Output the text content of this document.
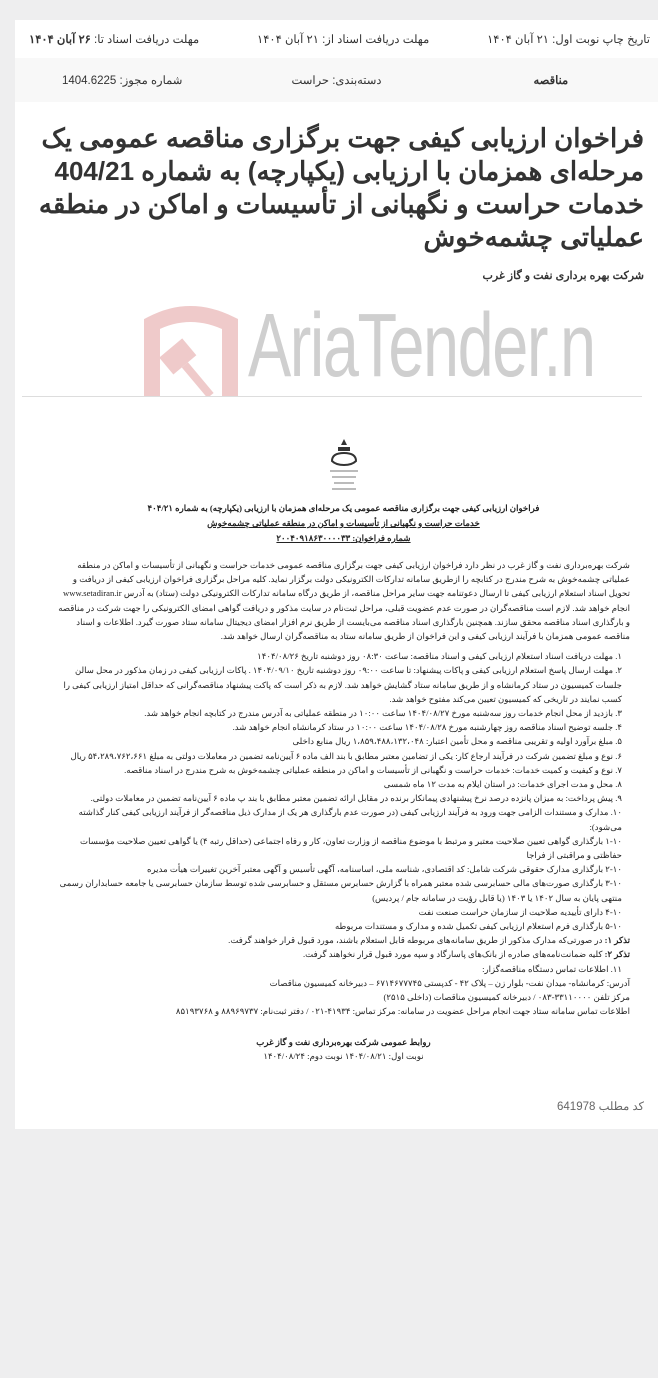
تاریخ چاپ نوبت اول: ۲۱ آبان ۱۴۰۴
مهلت دریافت اسناد از: ۲۱ آبان ۱۴۰۴
مهلت دریافت اسناد تا: ۲۶ آبان ۱۴۰۴
مناقصه
دسته‌بندی: حراست
شماره مجوز: 1404.6225
فراخوان ارزیابی کیفی جهت برگزاری مناقصه عمومی یک مرحله‌ای همزمان با ارزیابی (یکپارچه) به شماره 404/21 خدمات حراست و نگهبانی از تأسیسات و اماکن در منطقه عملیاتی چشمه‌خوش
شرکت بهره برداری نفت و گاز غرب
AriaTender.n
فراخوان ارزیابی کیفی جهت برگزاری مناقصه عمومی یک مرحله‌ای همزمان با ارزیابی (یکپارچه) به شماره ۴۰۴/۲۱
خدمات حراست و نگهبانی از تأسیسات و اماکن در منطقه عملیاتی چشمه‌خوش
شماره فراخوان: ۲۰۰۴۰۹۱۸۶۳۰۰۰۰۳۳

شرکت بهره‌برداری نفت و گاز غرب در نظر دارد فراخوان ارزیابی کیفی جهت برگزاری مناقصه عمومی خدمات حراست و نگهبانی از تأسیسات و اماکن در منطقه عملیاتی چشمه‌خوش به شرح مندرج در کتابچه را ازطریق سامانه تدارکات الکترونیکی دولت برگزار نماید. کلیه مراحل برگزاری فراخوان ارزیابی کیفی از دریافت و تحویل اسناد استعلام ارزیابی کیفی تا ارسال دعوتنامه جهت سایر مراحل مناقصه، از طریق درگاه سامانه تدارکات الکترونیکی دولت (ستاد) به آدرس www.setadiran.ir انجام خواهد شد. لازم است مناقصه‌گران در صورت عدم عضویت قبلی، مراحل ثبت‌نام در سایت مذکور و دریافت گواهی امضای الکترونیکی را جهت شرکت در مناقصه و بارگذاری اسناد مناقصه محقق سازند. همچنین بارگذاری اسناد مناقصه می‌بایست از طریق نرم افزار امضای دیجیتال سامانه ستاد صورت گیرد. اطلاعات و اسناد مناقصه عمومی همزمان با فرآیند ارزیابی کیفی و این فراخوان از طریق سامانه ستاد به مناقصه‌گران ارسال خواهد شد.

۱. مهلت دریافت اسناد استعلام ارزیابی کیفی و اسناد مناقصه: ساعت ۰۸:۳۰ روز دوشنبه تاریخ ۱۴۰۴/۰۸/۲۶
۲. مهلت ارسال پاسخ استعلام ارزیابی کیفی و پاکات پیشنهاد: تا ساعت ۰۹:۰۰ روز دوشنبه تاریخ ۱۴۰۴/۰۹/۱۰ . پاکات ارزیابی کیفی در زمان مذکور در محل سالن جلسات کمیسیون در ستاد کرمانشاه و از طریق سامانه ستاد گشایش خواهد شد. لازم به ذکر است که پاکت پیشنهاد مناقصه‌گرانی که حداقل امتیاز ارزیابی کیفی را کسب نمایند در تاریخی که کمیسیون تعیین می‌کند مفتوح خواهد شد.
۳. بازدید از محل انجام خدمات روز سه‌شنبه مورخ ۱۴۰۴/۰۸/۲۷ ساعت ۱۰:۰۰ در منطقه عملیاتی به آدرس مندرج در کتابچه انجام خواهد شد.
۴. جلسه توضیح اسناد مناقصه روز چهارشنبه مورخ ۱۴۰۴/۰۸/۲۸ ساعت ۱۰:۰۰ در ستاد کرمانشاه انجام خواهد شد.
۵. مبلغ برآورد اولیه و تقریبی مناقصه و محل تأمین اعتبار: ۱،۸۵۹،۴۸۸،۱۳۲،۰۴۸ ریال منابع داخلی
۶. نوع و مبلغ تضمین شرکت در فرآیند ارجاع کار: یکی از تضامین معتبر مطابق با بند الف ماده ۶ آیین‌نامه تضمین در معاملات دولتی به مبلغ ۵۴،۲۸۹،۷۶۲،۶۶۱ ریال
۷. نوع و کیفیت و کمیت خدمات: خدمات حراست و نگهبانی از تأسیسات و اماکن در منطقه عملیاتی چشمه‌خوش به شرح مندرج در اسناد مناقصه.
۸. محل و مدت اجرای خدمات: در استان ایلام به مدت ۱۲ ماه شمسی
۹. پیش پرداخت: به میزان پانزده درصد نرخ پیشنهادی پیمانکار برنده در مقابل ارائه تضمین معتبر مطابق با بند پ ماده ۶ آیین‌نامه تضمین در معاملات دولتی.
۱۰. مدارک و مستندات الزامی جهت ورود به فرآیند ارزیابی کیفی (در صورت عدم بارگذاری هر یک از مدارک ذیل مناقصه‌گر از فرآیند ارزیابی کیفی کنار گذاشته می‌شود):
۱-۱۰ بارگذاری گواهی تعیین صلاحیت معتبر و مرتبط با موضوع مناقصه از وزارت تعاون، کار و رفاه اجتماعی (حداقل رتبه ۴) یا گواهی تعیین صلاحیت مؤسسات حفاظتی و مراقبتی از فراجا
۲-۱۰ بارگذاری مدارک حقوقی شرکت شامل: کد اقتصادی، شناسه ملی، اساسنامه، آگهی تأسیس و آگهی معتبر آخرین تغییرات هیأت مدیره
۳-۱۰ بارگذاری صورت‌های مالی حسابرسی شده معتبر همراه با گزارش حسابرس مستقل و حسابرسی شده توسط سازمان حسابرسی یا جامعه حسابداران رسمی منتهی پایان به سال ۱۴۰۲ یا ۱۴۰۳ (یا قابل رؤیت در سامانه جام / پردیس)
۴-۱۰ دارای تأییدیه صلاحیت از سازمان حراست صنعت نفت
۵-۱۰ بارگذاری فرم استعلام ارزیابی کیفی تکمیل شده و مدارک و مستندات مربوطه
تذکر ۱: در صورتی‌که مدارک مذکور از طریق سامانه‌های مربوطه قابل استعلام باشند، مورد قبول قرار خواهند گرفت.
تذکر ۲: کلیه ضمانت‌نامه‌های صادره از بانک‌های پاسارگاد و سپه مورد قبول قرار نخواهند گرفت.
۱۱. اطلاعات تماس دستگاه مناقصه‌گزار:
آدرس: کرمانشاه- میدان نفت- بلوار زن – پلاک ۴۲ - کدپستی ۶۷۱۴۶۷۷۷۴۵ – دبیرخانه کمیسیون مناقصات
مرکز تلفن ۳۳۱۱۰۰۰۰-۰۸۳ / دبیرخانه کمیسیون مناقصات (داخلی ۲۵۱۵)
اطلاعات تماس سامانه ستاد جهت انجام مراحل عضویت در سامانه: مرکز تماس: ۴۱۹۳۴-۰۲۱ / دفتر ثبت‌نام: ۸۸۹۶۹۷۳۷ و ۸۵۱۹۳۷۶۸
روابط عمومی شرکت بهره‌برداری نفت و گاز غرب
نوبت اول: ۱۴۰۴/۰۸/۲۱ نوبت دوم: ۱۴۰۴/۰۸/۲۴
کد مطلب 641978
